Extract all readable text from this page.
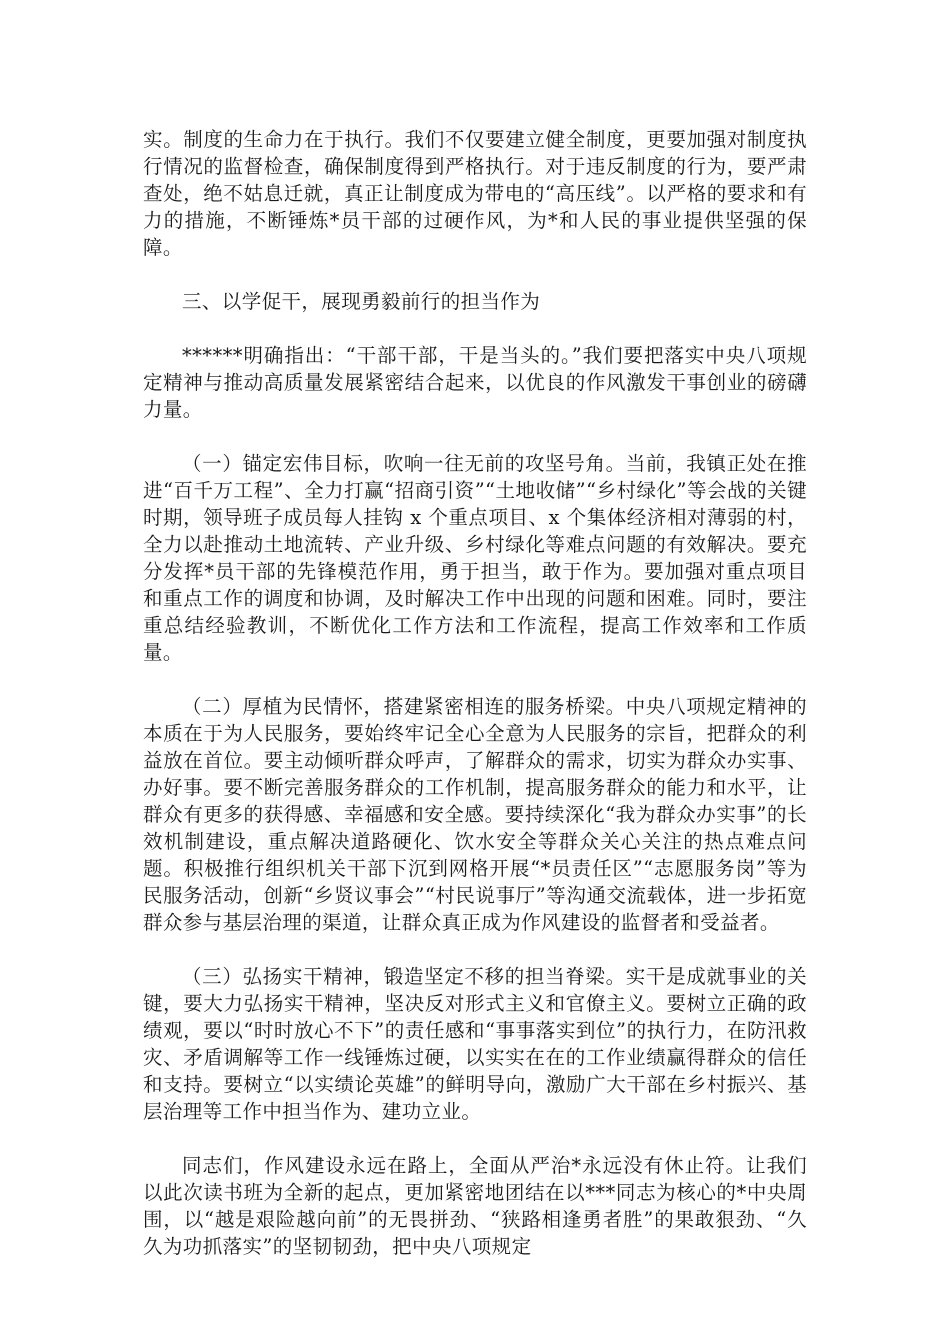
实。制度的生命力在于执行。我们不仅要建立健全制度，更要加强对制度执行情况的监督检查，确保制度得到严格执行。对于违反制度的行为，要严肃查处，绝不姑息迁就，真正让制度成为带电的“高压线”。以严格的要求和有力的措施，不断锤炼*员干部的过硬作风，为*和人民的事业提供坚强的保障。

三、以学促干，展现勇毅前行的担当作为

******明确指出：“干部干部，干是当头的。”我们要把落实中央八项规定精神与推动高质量发展紧密结合起来，以优良的作风激发干事创业的磅礴力量。

（一）锚定宏伟目标，吹响一往无前的攻坚号角。当前，我镇正处在推进“百千万工程”、全力打赢“招商引资”“土地收储”“乡村绿化”等会战的关键时期，领导班子成员每人挂钩 x 个重点项目、x 个集体经济相对薄弱的村，全力以赴推动土地流转、产业升级、乡村绿化等难点问题的有效解决。要充分发挥*员干部的先锋模范作用，勇于担当，敢于作为。要加强对重点项目和重点工作的调度和协调，及时解决工作中出现的问题和困难。同时，要注重总结经验教训，不断优化工作方法和工作流程，提高工作效率和工作质量。

（二）厚植为民情怀，搭建紧密相连的服务桥梁。中央八项规定精神的本质在于为人民服务，要始终牢记全心全意为人民服务的宗旨，把群众的利益放在首位。要主动倾听群众呼声，了解群众的需求，切实为群众办实事、办好事。要不断完善服务群众的工作机制，提高服务群众的能力和水平，让群众有更多的获得感、幸福感和安全感。要持续深化“我为群众办实事”的长效机制建设，重点解决道路硬化、饮水安全等群众关心关注的热点难点问题。积极推行组织机关干部下沉到网格开展“*员责任区”“志愿服务岗”等为民服务活动，创新“乡贤议事会”“村民说事厅”等沟通交流载体，进一步拓宽群众参与基层治理的渠道，让群众真正成为作风建设的监督者和受益者。

（三）弘扬实干精神，锻造坚定不移的担当脊梁。实干是成就事业的关键，要大力弘扬实干精神，坚决反对形式主义和官僚主义。要树立正确的政绩观，要以“时时放心不下”的责任感和“事事落实到位”的执行力，在防汛救灾、矛盾调解等工作一线锤炼过硬，以实实在在的工作业绩赢得群众的信任和支持。要树立“以实绩论英雄”的鲜明导向，激励广大干部在乡村振兴、基层治理等工作中担当作为、建功立业。

同志们，作风建设永远在路上，全面从严治*永远没有休止符。让我们以此次读书班为全新的起点，更加紧密地团结在以***同志为核心的*中央周围，以“越是艰险越向前”的无畏拼劲、“狭路相逢勇者胜”的果敢狠劲、“久久为功抓落实”的坚韧韧劲，把中央八项规定
